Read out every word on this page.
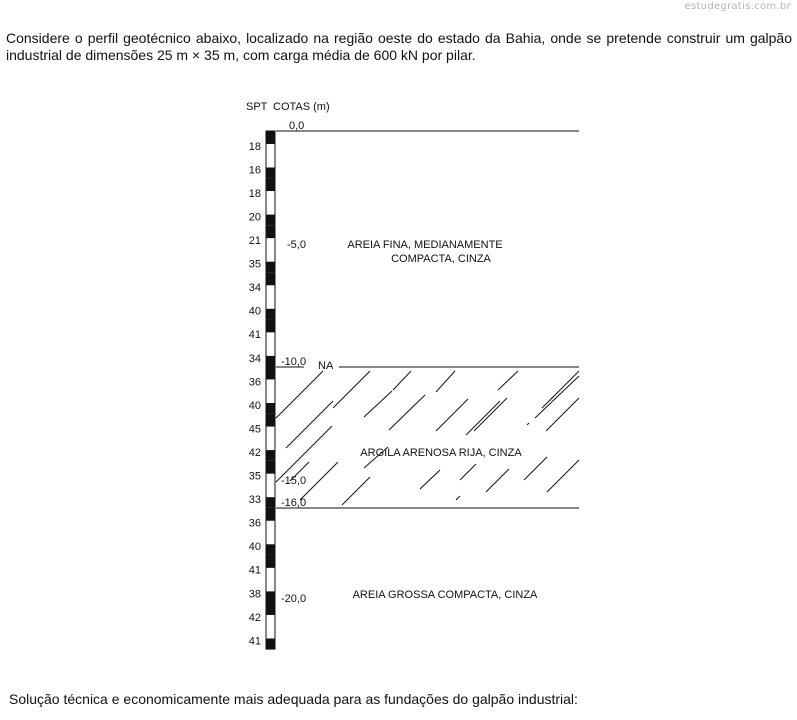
estudegratis.com.br

Considere o perfil geotécnico abaixo, localizado na região oeste do estado da Bahia, onde se pretende construir um galpão industrial de dimensões 25 m × 35 m, com carga média de 600 kN por pilar.

SPT COTAS (m)
18
16
18
20
21
35
34
40
41
34
36
40
45
42
35
33
36
40
41
38
42
41
0,0
-5,0
-10,0
-15,0
-16,0
-20,0
NA
AREIA FINA, MEDIANAMENTE
COMPACTA, CINZA
ARGILA ARENOSA RIJA, CINZA
AREIA GROSSA COMPACTA, CINZA

Solução técnica e economicamente mais adequada para as fundações do galpão industrial:
